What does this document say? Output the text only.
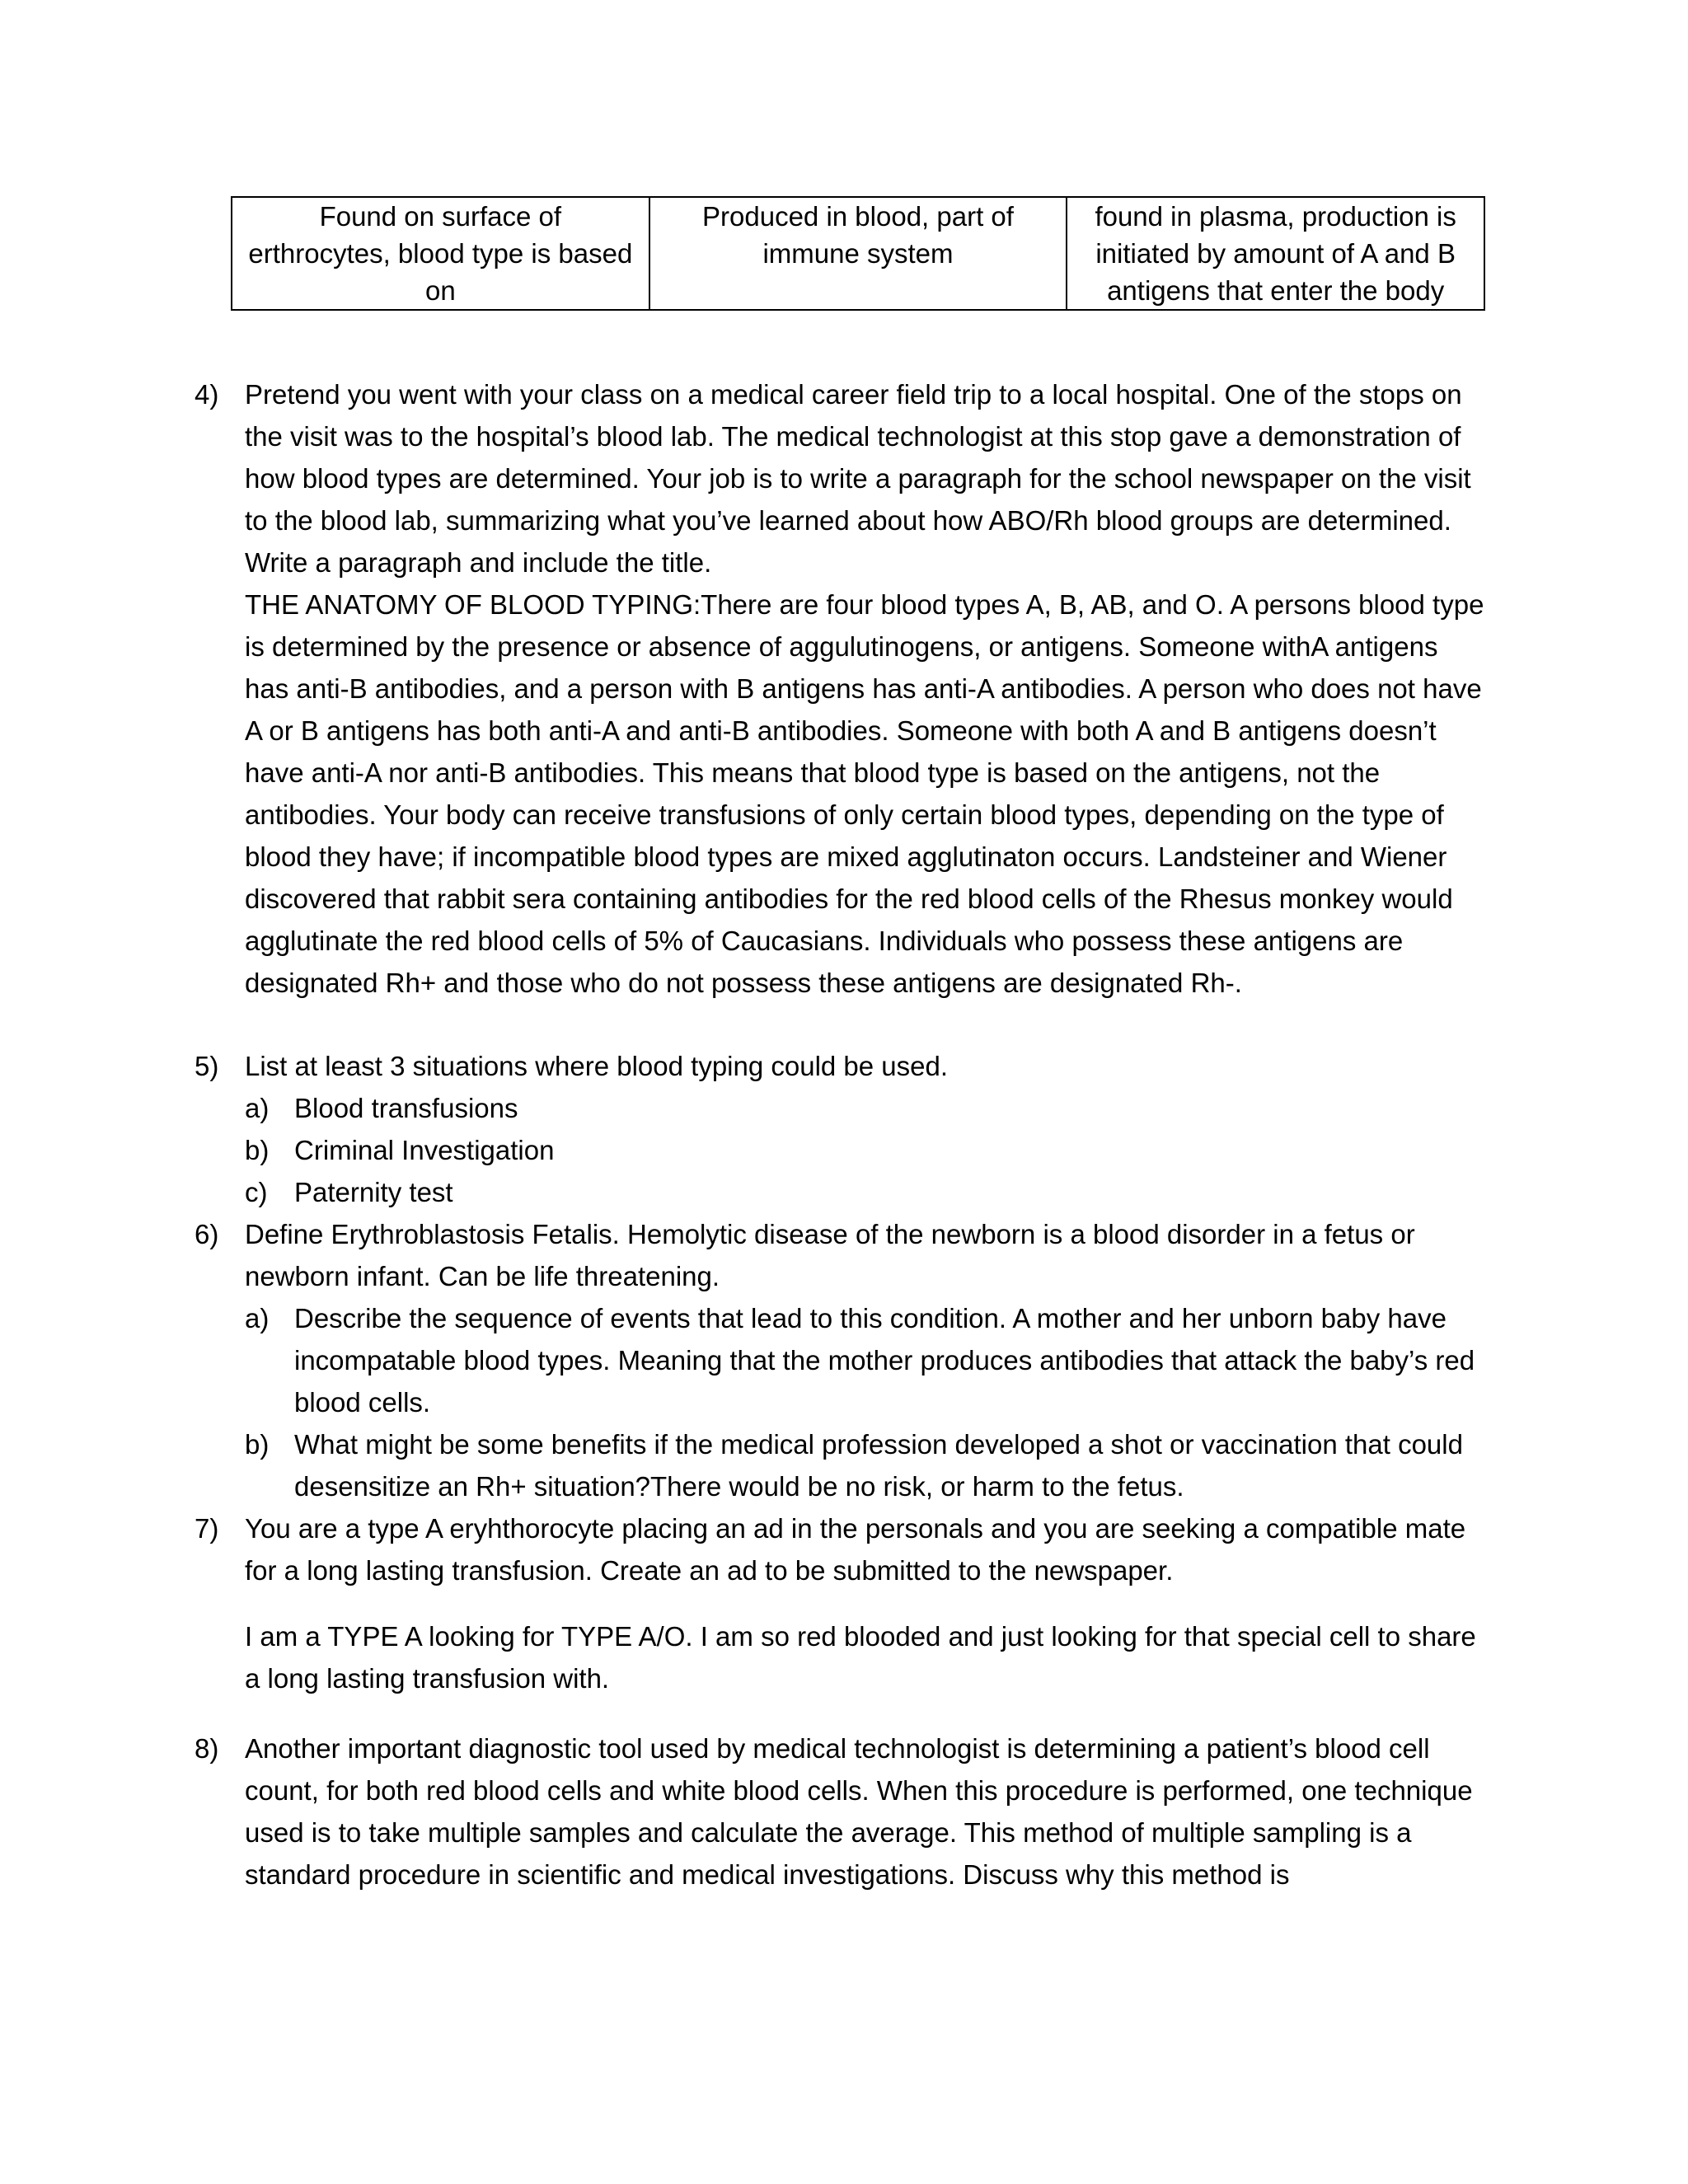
Found on surface of erthrocytes, blood type is based on	Produced in blood, part of immune system	found in plasma, production is initiated by amount of A and B antigens that enter the body
4) Pretend you went with your class on a medical career field trip to a local hospital. One of the stops on the visit was to the hospital’s blood lab. The medical technologist at this stop gave a demonstration of how blood types are determined. Your job is to write a paragraph for the school newspaper on the visit to the blood lab, summarizing what you’ve learned about how ABO/Rh blood groups are determined. Write a paragraph and include the title.
THE ANATOMY OF BLOOD TYPING:There are four blood types A, B, AB, and O. A persons blood type is determined by the presence or absence of aggulutinogens, or antigens. Someone withA antigens has anti-B antibodies, and a person with B antigens has anti-A antibodies. A person who does not have A or B antigens has both anti-A and anti-B antibodies. Someone with both A and B antigens doesn’t have anti-A nor anti-B antibodies. This means that blood type is based on the antigens, not the antibodies. Your body can receive transfusions of only certain blood types, depending on the type of blood they have; if incompatible blood types are mixed agglutinaton occurs. Landsteiner and Wiener discovered that rabbit sera containing antibodies for the red blood cells of the Rhesus monkey would agglutinate the red blood cells of 5% of Caucasians. Individuals who possess these antigens are designated Rh+ and those who do not possess these antigens are designated Rh-.
5) List at least 3 situations where blood typing could be used.
a) Blood transfusions
b) Criminal Investigation
c) Paternity test
6) Define Erythroblastosis Fetalis. Hemolytic disease of the newborn is a blood disorder in a fetus or newborn infant. Can be life threatening.
a) Describe the sequence of events that lead to this condition. A mother and her unborn baby have incompatable blood types. Meaning that the mother produces antibodies that attack the baby’s red blood cells.
b) What might be some benefits if the medical profession developed a shot or vaccination that could desensitize an Rh+ situation?There would be no risk, or harm to the fetus.
7) You are a type A eryhthorocyte placing an ad in the personals and you are seeking a compatible mate for a long lasting transfusion. Create an ad to be submitted to the newspaper.
I am a TYPE A looking for TYPE A/O. I am so red blooded and just looking for that special cell to share a long lasting transfusion with.
8) Another important diagnostic tool used by medical technologist is determining a patient’s blood cell count, for both red blood cells and white blood cells. When this procedure is performed, one technique used is to take multiple samples and calculate the average. This method of multiple sampling is a standard procedure in scientific and medical investigations. Discuss why this method is
